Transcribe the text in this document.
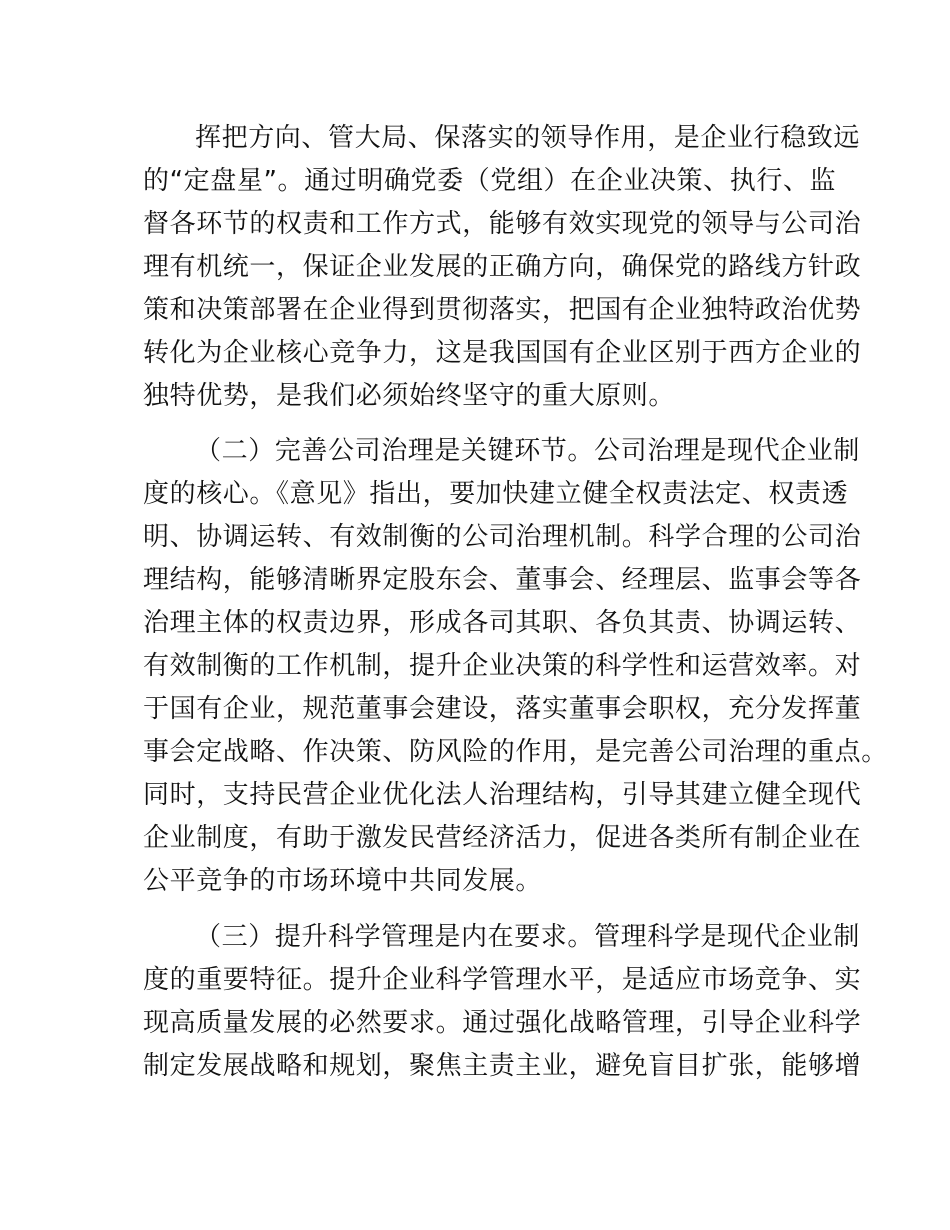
挥把方向、管大局、保落实的领导作用，是企业行稳致远
的“定盘星”。通过明确党委（党组）在企业决策、执行、监
督各环节的权责和工作方式，能够有效实现党的领导与公司治
理有机统一，保证企业发展的正确方向，确保党的路线方针政
策和决策部署在企业得到贯彻落实，把国有企业独特政治优势
转化为企业核心竞争力，这是我国国有企业区别于西方企业的
独特优势，是我们必须始终坚守的重大原则。
（二）完善公司治理是关键环节。公司治理是现代企业制
度的核心。《意见》指出，要加快建立健全权责法定、权责透
明、协调运转、有效制衡的公司治理机制。科学合理的公司治
理结构，能够清晰界定股东会、董事会、经理层、监事会等各
治理主体的权责边界，形成各司其职、各负其责、协调运转、
有效制衡的工作机制，提升企业决策的科学性和运营效率。对
于国有企业，规范董事会建设，落实董事会职权，充分发挥董
事会定战略、作决策、防风险的作用，是完善公司治理的重点。
同时，支持民营企业优化法人治理结构，引导其建立健全现代
企业制度，有助于激发民营经济活力，促进各类所有制企业在
公平竞争的市场环境中共同发展。
（三）提升科学管理是内在要求。管理科学是现代企业制
度的重要特征。提升企业科学管理水平，是适应市场竞争、实
现高质量发展的必然要求。通过强化战略管理，引导企业科学
制定发展战略和规划，聚焦主责主业，避免盲目扩张，能够增
